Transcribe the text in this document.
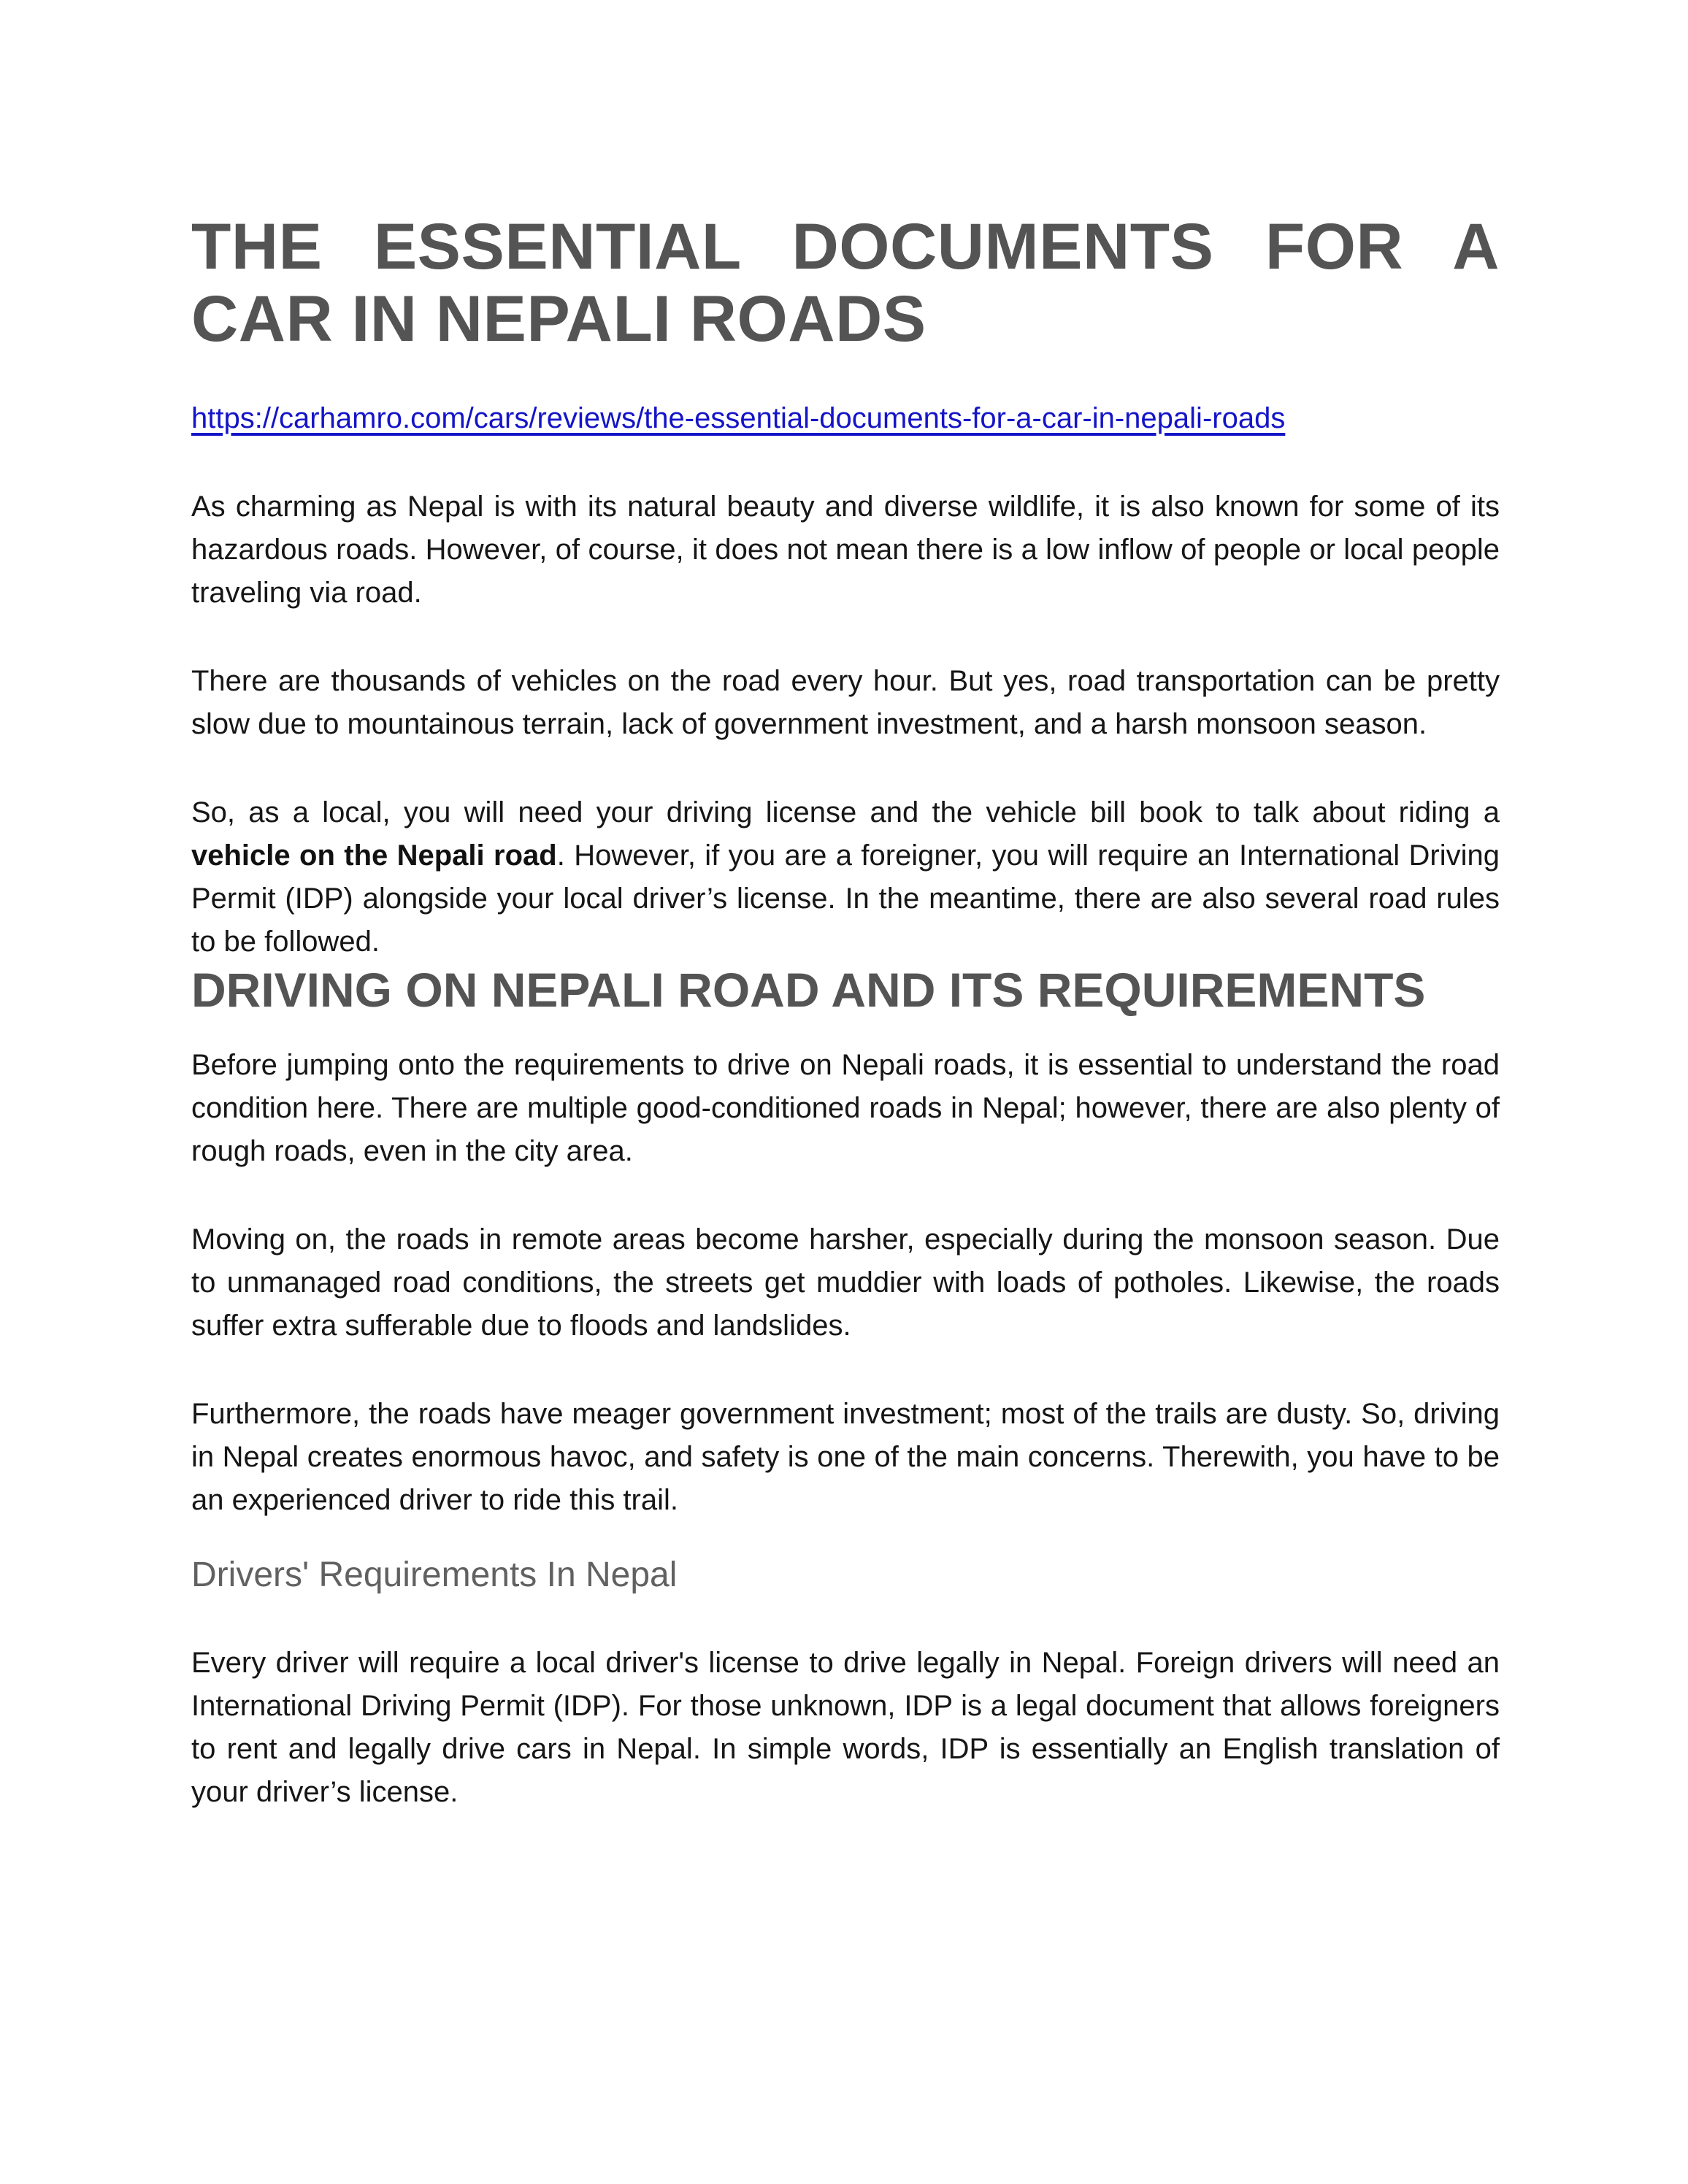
THE ESSENTIAL DOCUMENTS FOR A CAR IN NEPALI ROADS

https://carhamro.com/cars/reviews/the-essential-documents-for-a-car-in-nepali-roads

As charming as Nepal is with its natural beauty and diverse wildlife, it is also known for some of its hazardous roads. However, of course, it does not mean there is a low inflow of people or local people traveling via road.

There are thousands of vehicles on the road every hour. But yes, road transportation can be pretty slow due to mountainous terrain, lack of government investment, and a harsh monsoon season.

So, as a local, you will need your driving license and the vehicle bill book to talk about riding a vehicle on the Nepali road. However, if you are a foreigner, you will require an International Driving Permit (IDP) alongside your local driver’s license. In the meantime, there are also several road rules to be followed.

DRIVING ON NEPALI ROAD AND ITS REQUIREMENTS

Before jumping onto the requirements to drive on Nepali roads, it is essential to understand the road condition here. There are multiple good-conditioned roads in Nepal; however, there are also plenty of rough roads, even in the city area.

Moving on, the roads in remote areas become harsher, especially during the monsoon season. Due to unmanaged road conditions, the streets get muddier with loads of potholes. Likewise, the roads suffer extra sufferable due to floods and landslides.

Furthermore, the roads have meager government investment; most of the trails are dusty. So, driving in Nepal creates enormous havoc, and safety is one of the main concerns. Therewith, you have to be an experienced driver to ride this trail.

Drivers' Requirements In Nepal

Every driver will require a local driver's license to drive legally in Nepal. Foreign drivers will need an International Driving Permit (IDP). For those unknown, IDP is a legal document that allows foreigners to rent and legally drive cars in Nepal. In simple words, IDP is essentially an English translation of your driver’s license.
